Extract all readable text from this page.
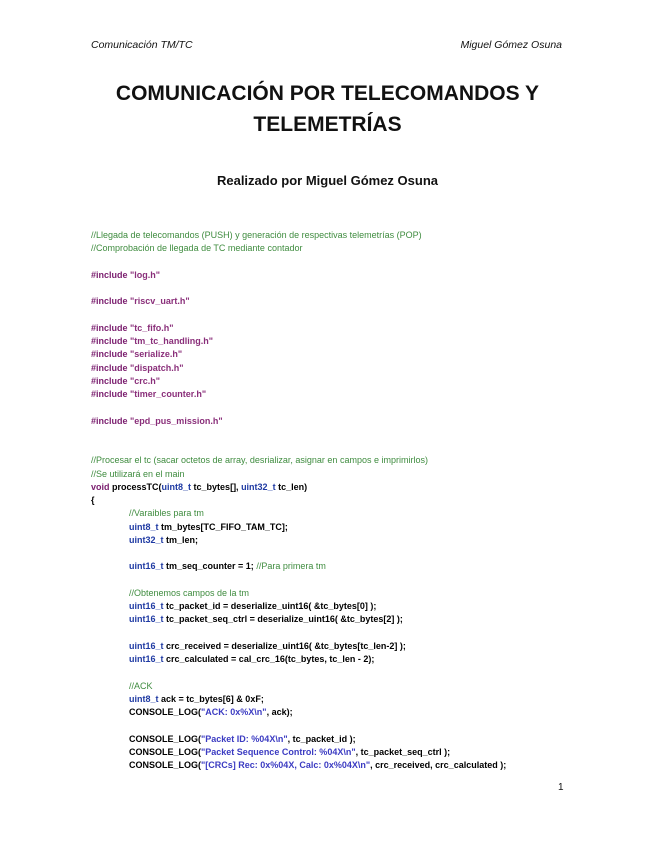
Comunicación TM/TC	Miguel Gómez Osuna
COMUNICACIÓN POR TELECOMANDOS Y
TELEMETRÍAS
Realizado por Miguel Gómez Osuna
//Llegada de telecomandos (PUSH) y generación de respectivas telemetrías (POP)
//Comprobación de llegada de TC mediante contador
#include "log.h"
#include "riscv_uart.h"
#include "tc_fifo.h"
#include "tm_tc_handling.h"
#include "serialize.h"
#include "dispatch.h"
#include "crc.h"
#include "timer_counter.h"
#include "epd_pus_mission.h"
//Procesar el tc (sacar octetos de array, desrializar, asignar en campos e imprimirlos)
//Se utilizará en el main
void processTC(uint8_t tc_bytes[], uint32_t tc_len)
{
//Varaibles para tm
uint8_t tm_bytes[TC_FIFO_TAM_TC];
uint32_t tm_len;
uint16_t tm_seq_counter = 1; //Para primera tm
//Obtenemos campos de la tm
uint16_t tc_packet_id = deserialize_uint16( &tc_bytes[0] );
uint16_t tc_packet_seq_ctrl = deserialize_uint16( &tc_bytes[2] );
uint16_t crc_received = deserialize_uint16( &tc_bytes[tc_len-2] );
uint16_t crc_calculated = cal_crc_16(tc_bytes, tc_len - 2);
//ACK
uint8_t ack = tc_bytes[6] & 0xF;
CONSOLE_LOG("ACK: 0x%X\n", ack);
CONSOLE_LOG("Packet ID: %04X\n", tc_packet_id );
CONSOLE_LOG("Packet Sequence Control: %04X\n", tc_packet_seq_ctrl );
CONSOLE_LOG("[CRCs] Rec: 0x%04X, Calc: 0x%04X\n", crc_received, crc_calculated );
1
